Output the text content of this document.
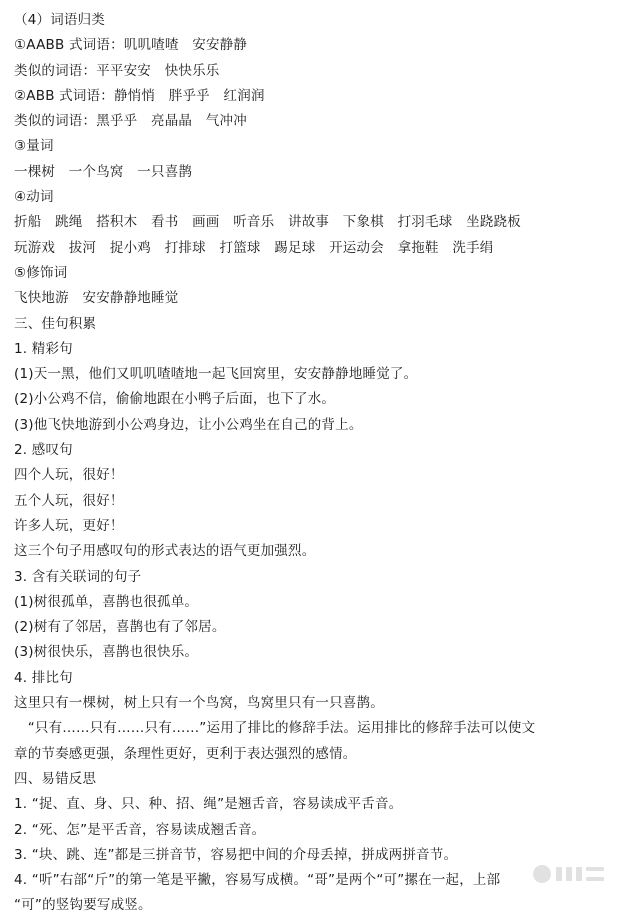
（4）词语归类
①AABB 式词语：叽叽喳喳　安安静静
类似的词语：平平安安　快快乐乐
②ABB 式词语：静悄悄　胖乎乎　红润润
类似的词语：黑乎乎　亮晶晶　气冲冲
③量词
一棵树　一个鸟窝　一只喜鹊
④动词
折船　跳绳　搭积木　看书　画画　听音乐　讲故事　下象棋　打羽毛球　坐跷跷板
玩游戏　拔河　捉小鸡　打排球　打篮球　踢足球　开运动会　拿拖鞋　洗手绢
⑤修饰词
飞快地游　安安静静地睡觉
三、佳句积累
1. 精彩句
(1)天一黑，他们又叽叽喳喳地一起飞回窝里，安安静静地睡觉了。
(2)小公鸡不信，偷偷地跟在小鸭子后面，也下了水。
(3)他飞快地游到小公鸡身边，让小公鸡坐在自己的背上。
2. 感叹句
四个人玩，很好！
五个人玩，很好！
许多人玩，更好！
这三个句子用感叹句的形式表达的语气更加强烈。
3. 含有关联词的句子
(1)树很孤单，喜鹊也很孤单。
(2)树有了邻居，喜鹊也有了邻居。
(3)树很快乐，喜鹊也很快乐。
4. 排比句
这里只有一棵树，树上只有一个鸟窝，鸟窝里只有一只喜鹊。
　“只有……只有……只有……”运用了排比的修辞手法。运用排比的修辞手法可以使文
章的节奏感更强，条理性更好，更利于表达强烈的感情。
四、易错反思
1. “捉、直、身、只、种、招、绳”是翘舌音，容易读成平舌音。
2. “死、怎”是平舌音，容易读成翘舌音。
3. “块、跳、连”都是三拼音节，容易把中间的介母丢掉，拼成两拼音节。
4. “听”右部“斤”的第一笔是平撇，容易写成横。“哥”是两个“可”摞在一起，上部
“可”的竖钩要写成竖。
